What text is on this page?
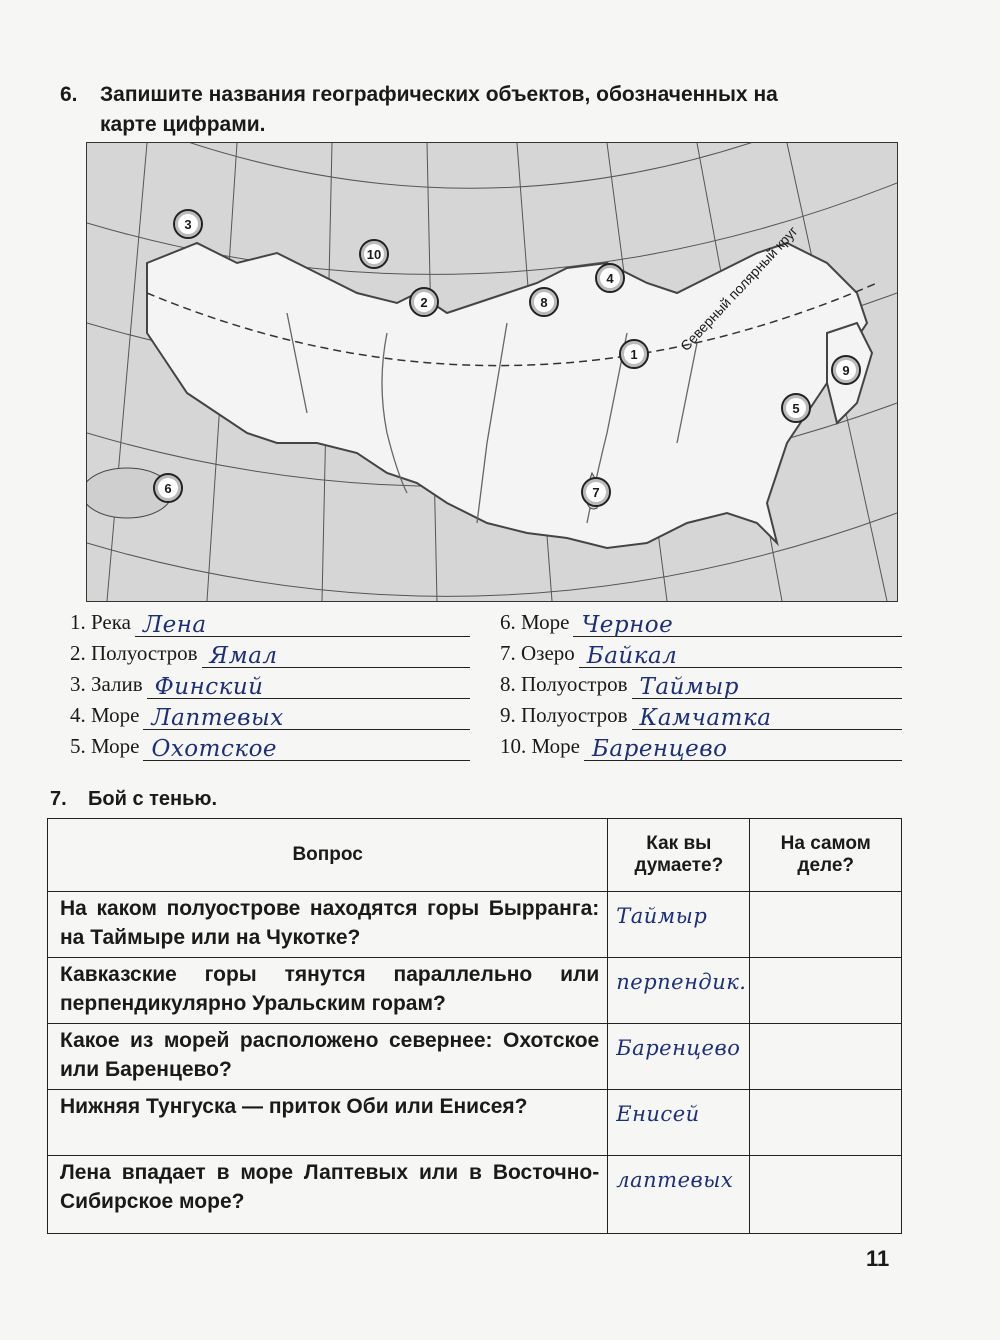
6. Запишите названия географических объектов, обозначенных на
карте цифрами.
Северный полярный круг
3
10
2	8
4
1
9
5
6	7
1. Река Лена
2. Полуостров Ямал
3. Залив Финский
4. Море Лаптевых
5. Море Охотское
6. Море Черное
7. Озеро Байкал
8. Полуостров Таймыр
9. Полуостров Камчатка
10. Море Баренцево
7. Бой с тенью.
Вопрос	Как вы думаете?	На самом деле?
На каком полуострове находятся горы Бырранга: на Таймыре или на Чукотке?	Таймыр	

Кавказские горы тянутся параллельно или перпендикулярно Уральским горам?	перпендик.	

Какое из морей расположено севернее: Охотское или Баренцево?	Баренцево	

Нижняя Тунгуска — приток Оби или Енисея?	Енисей	

Лена впадает в море Лаптевых или в Восточно-Сибирское море?	лаптевых	

11
